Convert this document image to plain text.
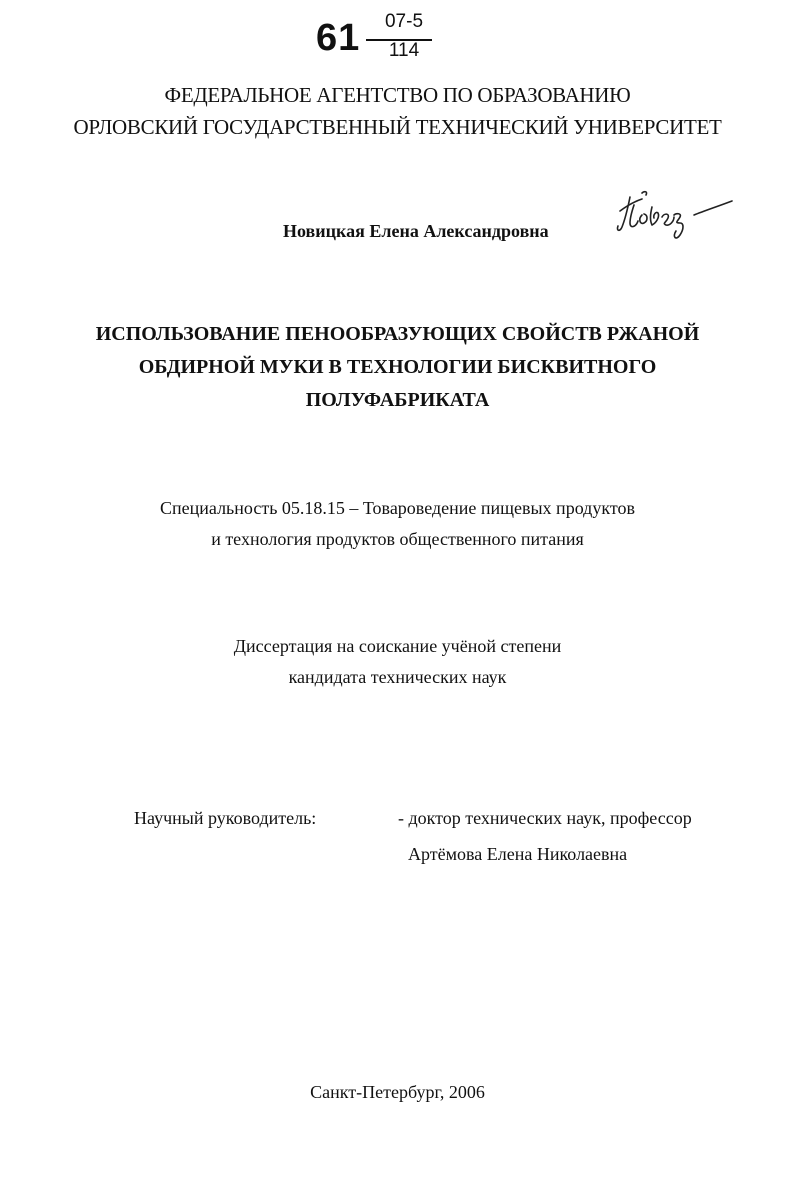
61	07-5
114
ФЕДЕРАЛЬНОЕ АГЕНТСТВО ПО ОБРАЗОВАНИЮ
ОРЛОВСКИЙ ГОСУДАРСТВЕННЫЙ ТЕХНИЧЕСКИЙ УНИВЕРСИТЕТ
Новицкая Елена Александровна
ИСПОЛЬЗОВАНИЕ ПЕНООБРАЗУЮЩИХ СВОЙСТВ РЖАНОЙ
ОБДИРНОЙ МУКИ В ТЕХНОЛОГИИ БИСКВИТНОГО
ПОЛУФАБРИКАТА
Специальность 05.18.15 – Товароведение пищевых продуктов
и технология продуктов общественного питания
Диссертация на соискание учёной степени
кандидата технических наук
Научный руководитель:	- доктор технических наук, профессор
Артёмова Елена Николаевна
Санкт-Петербург, 2006
